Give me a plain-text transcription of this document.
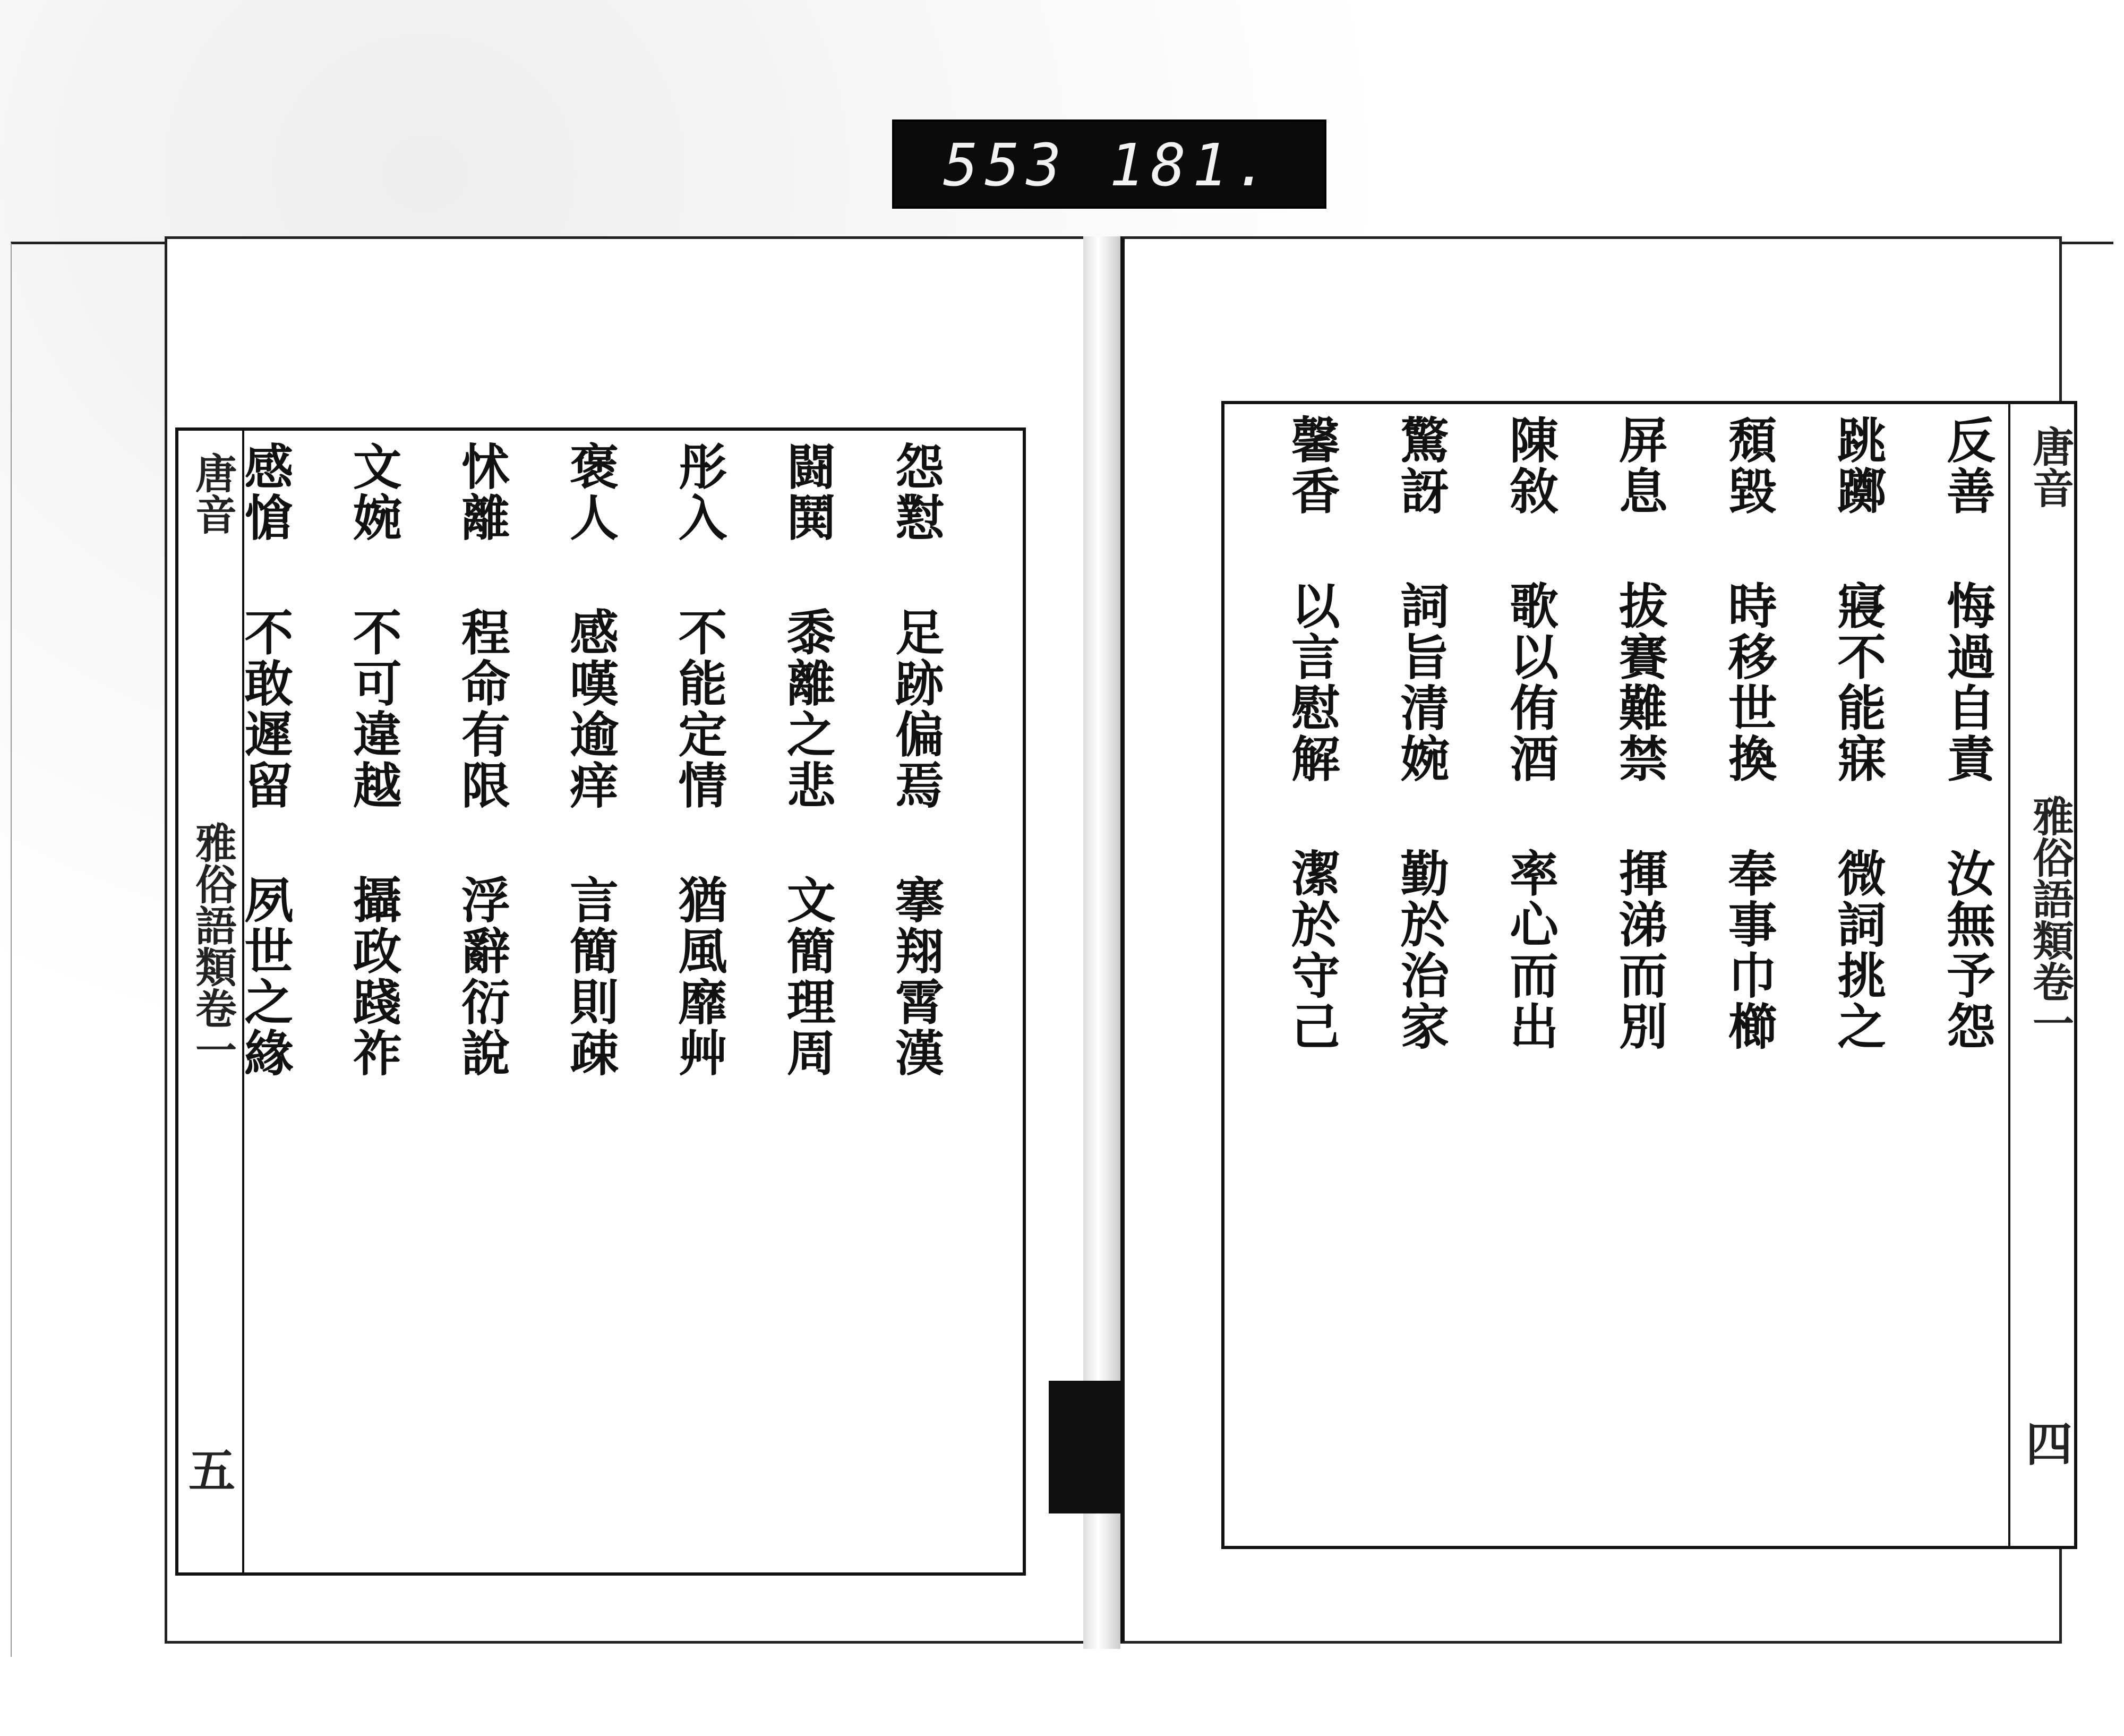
553 181.
唐音
雅俗語類卷一
五
怨懟
足跡偏焉
搴翔霄漢
闘鬨
黍離之悲
文簡理周
彤入
不能定情
猶風靡艸
褒人
感嘆逾痒
言簡則疎
怵離
程命有限
浮辭衍說
文婉
不可違越
攝政踐祚
感愴
不敢遲留
夙世之緣
唐音
雅俗語類卷一
四
反善
悔過自責
汝無予怨
跳躑
寢不能寐
微詞挑之
頹毀
時移世換
奉事巾櫛
屏息
拔賽難禁
揮涕而別
陳敘
歌以侑酒
率心而出
驚訝
詞旨清婉
勤於治家
馨香
以言慰解
潔於守己
